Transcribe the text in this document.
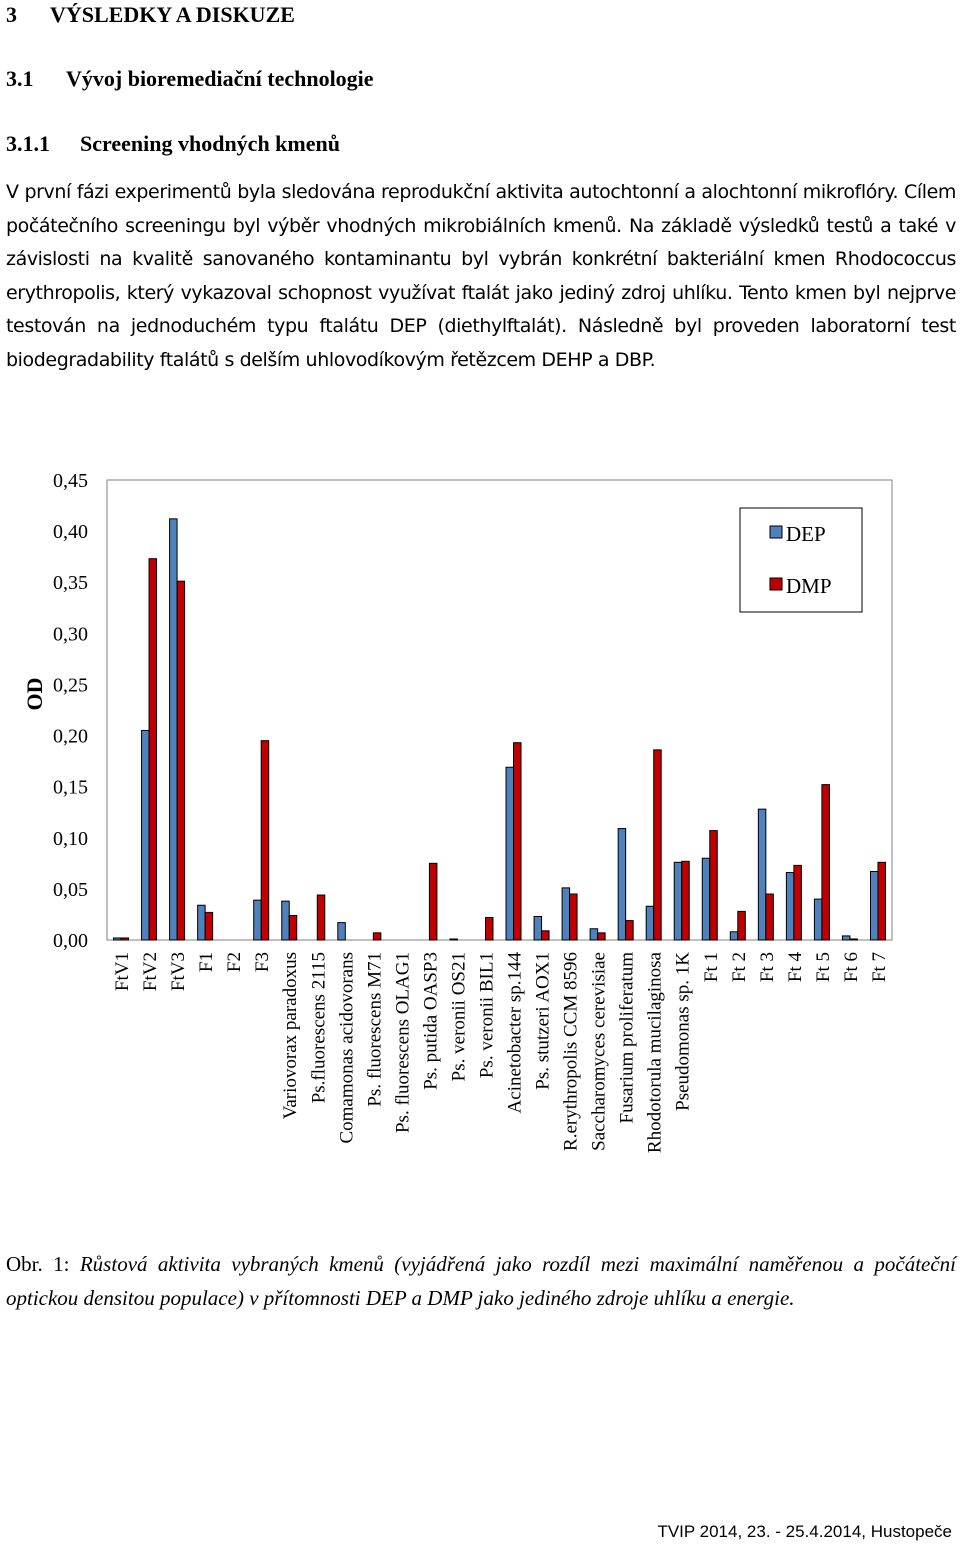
3 VÝSLEDKY A DISKUZE
3.1 Vývoj bioremediační technologie
3.1.1 Screening vhodných kmenů

V první fázi experimentů byla sledována reprodukční aktivita autochtonní a alochtonní mikroflóry. Cílem počátečního screeningu byl výběr vhodných mikrobiálních kmenů. Na základě výsledků testů a také v závislosti na kvalitě sanovaného kontaminantu byl vybrán konkrétní bakteriální kmen Rhodococcus erythropolis, který vykazoval schopnost využívat ftalát jako jediný zdroj uhlíku. Tento kmen byl nejprve testován na jednoduchém typu ftalátu DEP (diethylftalát). Následně byl proveden laboratorní test biodegradability ftalátů s delším uhlovodíkovým řetězcem DEHP a DBP.

0,00
0,05
0,10
0,15
0,20
0,25
0,30
0,35
0,40
0,45
FtV1 FtV2 FtV3 F1 F2 F3 Variovorax paradoxus Ps.fluorescens 2115 Comamonas acidovorans Ps. fluorescens M71 Ps. fluorescens OLAG1 Ps. putida OASP3 Ps. veronii OS21 Ps. veronii BIL1 Acinetobacter sp.144 Ps. stutzeri AOX1 R.erythropolis CCM 8596 Saccharomyces cerevisiae Fusarium proliferatum Rhodotorula mucilaginosa Pseudomonas sp. 1K Ft 1 Ft 2 Ft 3 Ft 4 Ft 5 Ft 6 Ft 7
OD
DEP
DMP

Obr. 1: Růstová aktivita vybraných kmenů (vyjádřená jako rozdíl mezi maximální naměřenou a počáteční optickou densitou populace) v přítomnosti DEP a DMP jako jediného zdroje uhlíku a energie.

TVIP 2014, 23. - 25.4.2014, Hustopeče
